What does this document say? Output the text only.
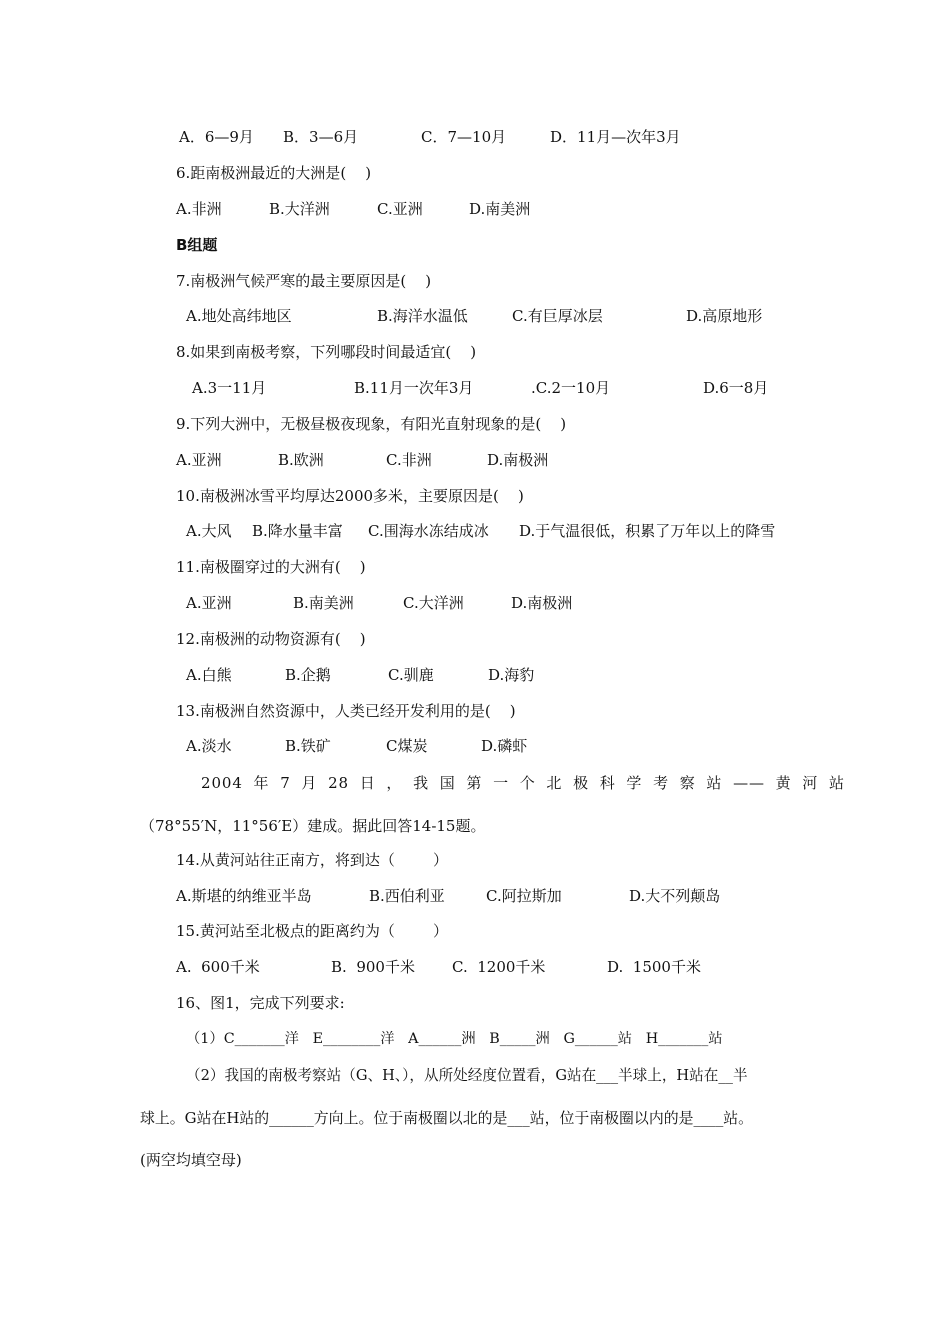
A．6—9月 B．3—6月	C．7—10月	D．11月—次年3月
6.距南极洲最近的大洲是(    )
A.非洲	B.大洋洲	C.亚洲	D.南美洲
B组题
7.南极洲气候严寒的最主要原因是(    )
A.地处高纬地区	B.海洋水温低	C.有巨厚冰层	D.高原地形
8.如果到南极考察，下列哪段时间最适宜(    )
A.3一11月	B.11月一次年3月	.C.2一10月	D.6一8月
9.下列大洲中，无极昼极夜现象，有阳光直射现象的是(    )
A.亚洲	B.欧洲	C.非洲	D.南极洲
10.南极洲冰雪平均厚达2000多米，主要原因是(    )
A.大风 B.降水量丰富 C.围海水冻结成冰 D.于气温很低，积累了万年以上的降雪
11.南极圈穿过的大洲有(    )
A.亚洲	B.南美洲	C.大洋洲	D.南极洲
12.南极洲的动物资源有(    )
A.白熊	B.企鹅	C.驯鹿	D.海豹
13.南极洲自然资源中，人类已经开发利用的是(    )
A.淡水	B.铁矿	C煤炭	D.磷虾
2004 年 7 月 28 日 ， 我 国 第 一 个 北 极 科 学 考 察 站 —— 黄 河 站
（78°55′N，11°56′E）建成。据此回答14-15题。
14.从黄河站往正南方，将到达（        ）
A.斯堪的纳维亚半岛	B.西伯利亚	C.阿拉斯加	D.大不列颠岛
15.黄河站至北极点的距离约为（        ）
A.  600千米	B.  900千米 C.  1200千米	D.  1500千米
16、图1，完成下列要求:
（1）C_______洋   E________洋   A______洲   B_____洲   G______站   H_______站
（2）我国的南极考察站（G、H、），从所处经度位置看，G站在___半球上，H站在__半
球上。G站在H站的______方向上。位于南极圈以北的是___站，位于南极圈以内的是____站。
(两空均填空母)
